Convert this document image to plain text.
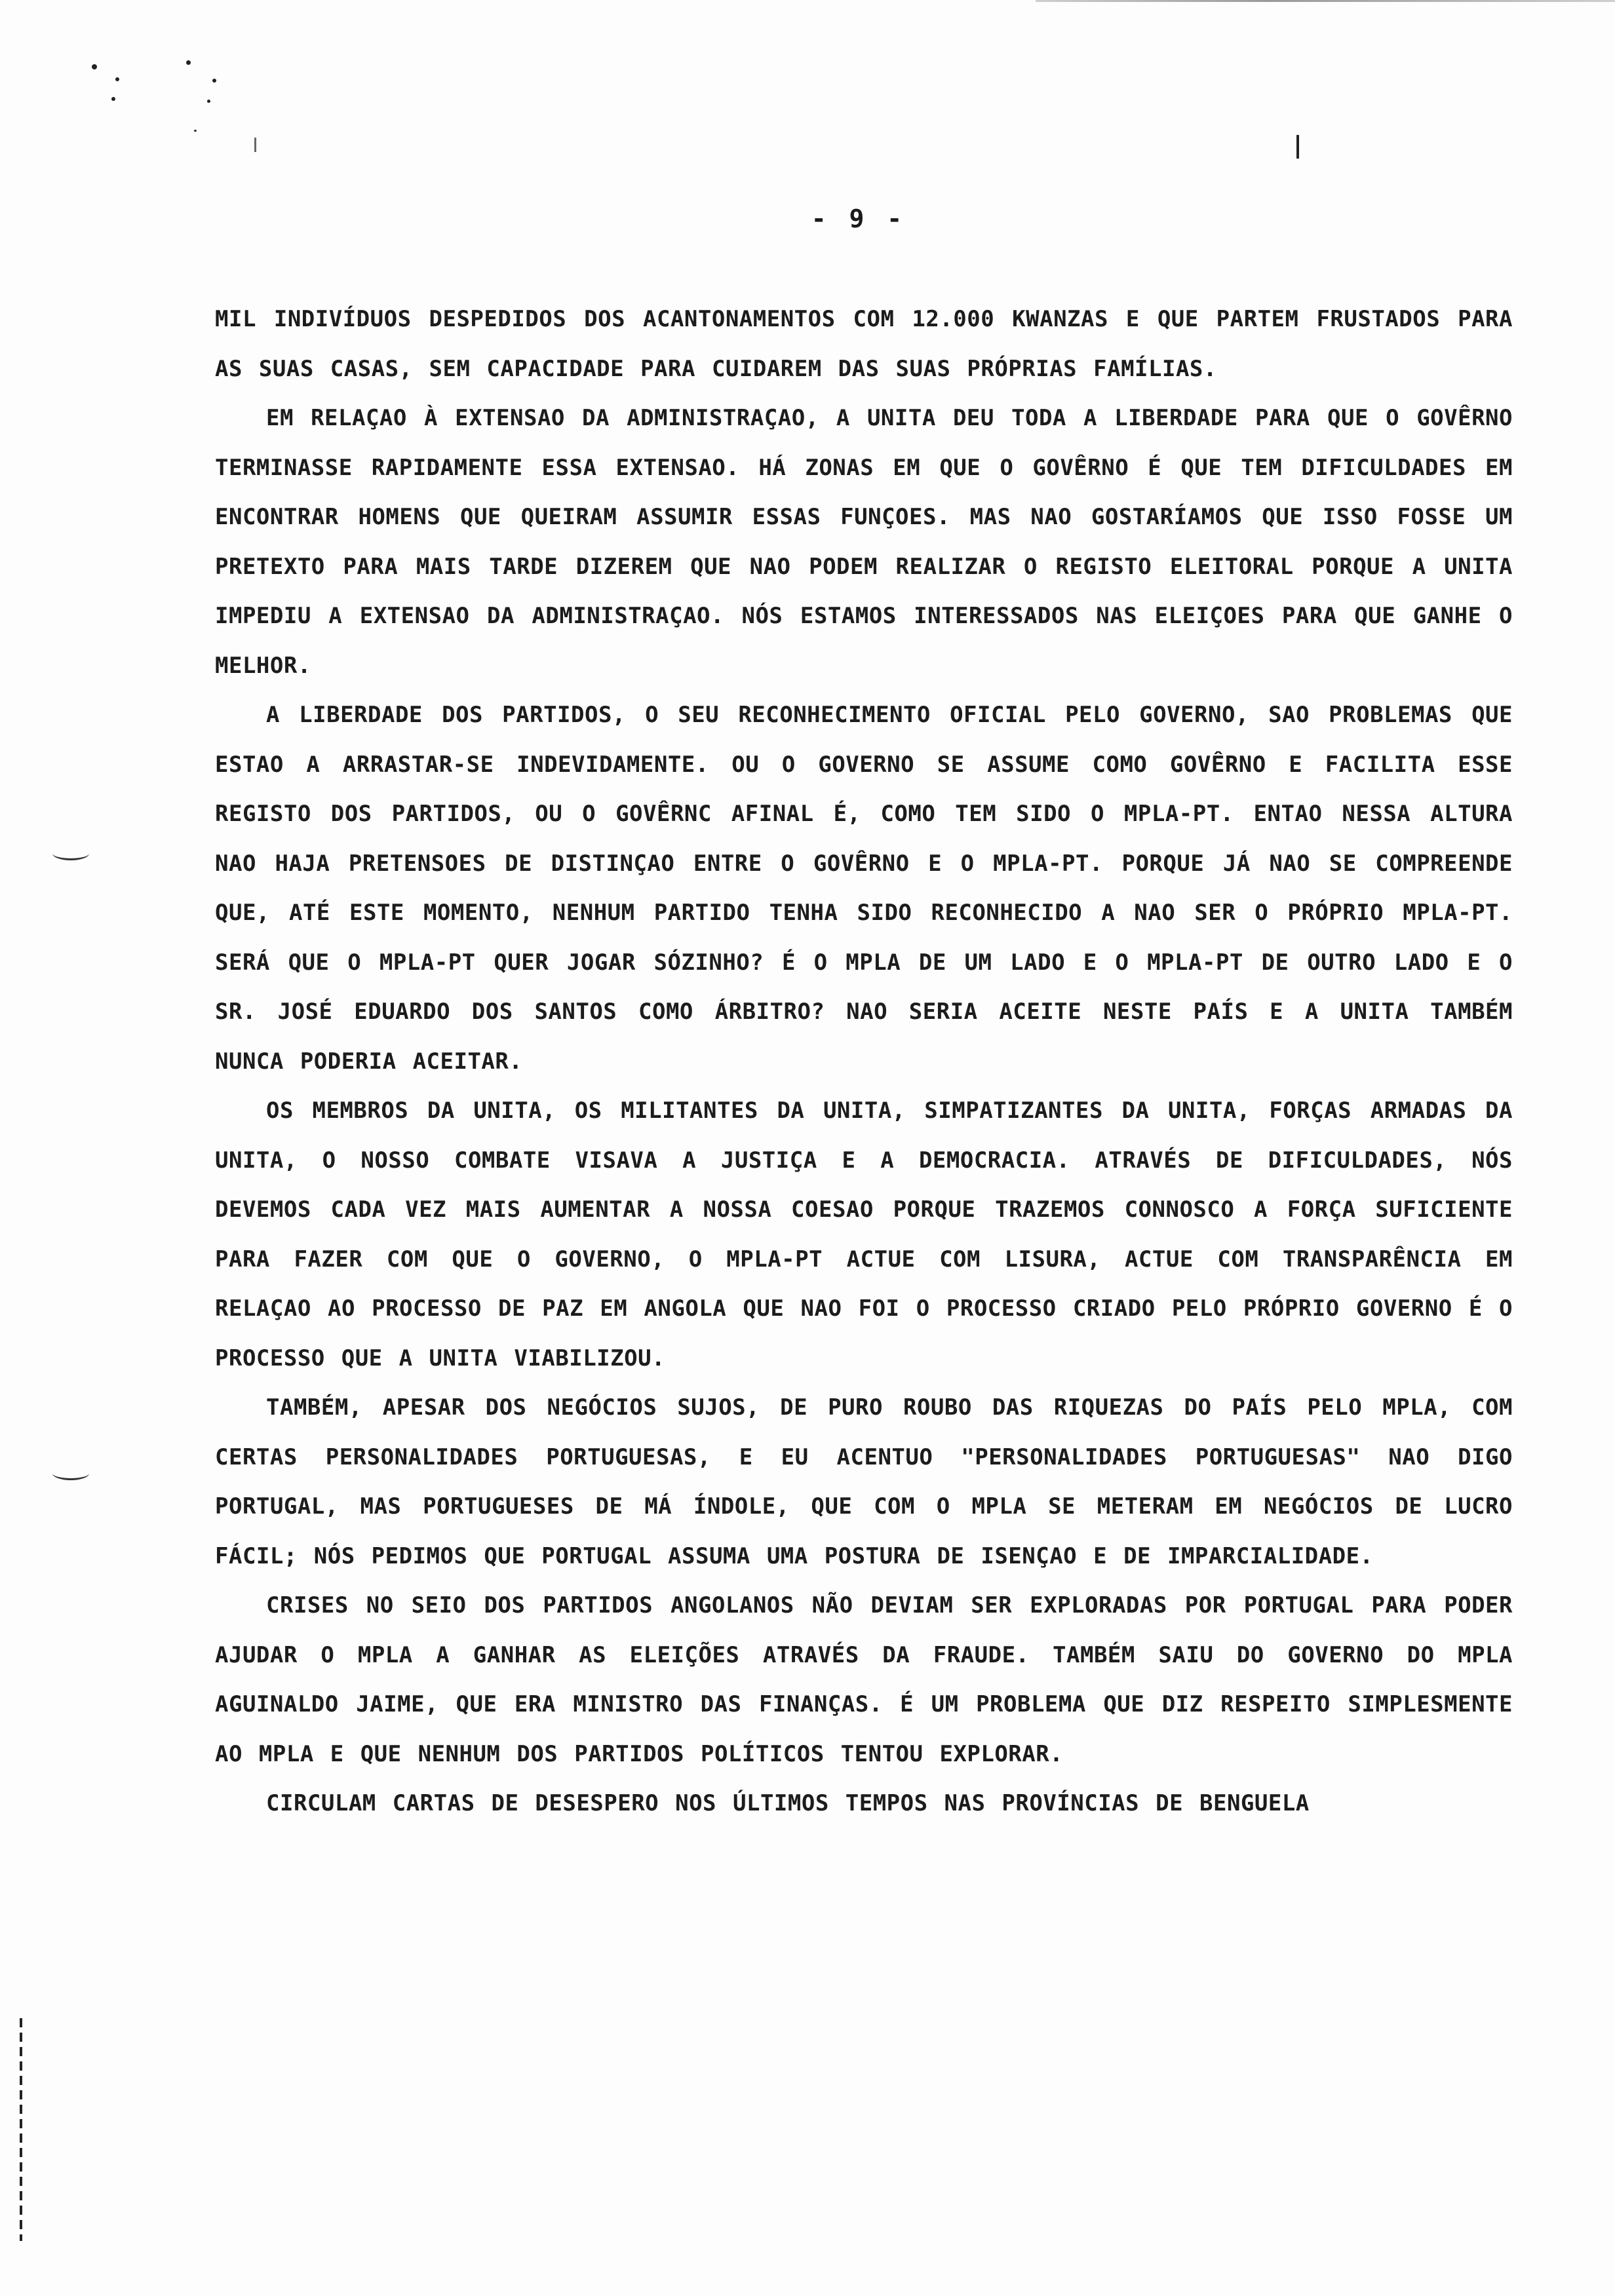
- 9 -

MIL INDIVÍDUOS DESPEDIDOS DOS ACANTONAMENTOS COM 12.000 KWANZAS E QUE PARTEM FRUSTADOS PARA AS SUAS CASAS, SEM CAPACIDADE PARA CUIDAREM DAS SUAS PRÓPRIAS FAMÍLIAS.

EM RELAÇAO À EXTENSAO DA ADMINISTRAÇAO, A UNITA DEU TODA A LIBERDADE PARA QUE O GOVÊRNO TERMINASSE RAPIDAMENTE ESSA EXTENSAO. HÁ ZONAS EM QUE O GOVÊRNO É QUE TEM DIFICULDADES EM ENCONTRAR HOMENS QUE QUEIRAM ASSUMIR ESSAS FUNÇOES. MAS NAO GOSTARÍAMOS QUE ISSO FOSSE UM PRETEXTO PARA MAIS TARDE DIZEREM QUE NAO PODEM REALIZAR O REGISTO ELEITORAL PORQUE A UNITA IMPEDIU A EXTENSAO DA ADMINISTRAÇAO. NÓS ESTAMOS INTERESSADOS NAS ELEIÇOES PARA QUE GANHE O MELHOR.

A LIBERDADE DOS PARTIDOS, O SEU RECONHECIMENTO OFICIAL PELO GOVERNO, SAO PROBLEMAS QUE ESTAO A ARRASTAR-SE INDEVIDAMENTE. OU O GOVERNO SE ASSUME COMO GOVÊRNO E FACILITA ESSE REGISTO DOS PARTIDOS, OU O GOVÊRNC AFINAL É, COMO TEM SIDO O MPLA-PT. ENTAO NESSA ALTURA NAO HAJA PRETENSOES DE DISTINÇAO ENTRE O GOVÊRNO E O MPLA-PT. PORQUE JÁ NAO SE COMPREENDE QUE, ATÉ ESTE MOMENTO, NENHUM PARTIDO TENHA SIDO RECONHECIDO A NAO SER O PRÓPRIO MPLA-PT. SERÁ QUE O MPLA-PT QUER JOGAR SÓZINHO? É O MPLA DE UM LADO E O MPLA-PT DE OUTRO LADO E O SR. JOSÉ EDUARDO DOS SANTOS COMO ÁRBITRO? NAO SERIA ACEITE NESTE PAÍS E A UNITA TAMBÉM NUNCA PODERIA ACEITAR.

OS MEMBROS DA UNITA, OS MILITANTES DA UNITA, SIMPATIZANTES DA UNITA, FORÇAS ARMADAS DA UNITA, O NOSSO COMBATE VISAVA A JUSTIÇA E A DEMOCRACIA. ATRAVÉS DE DIFICULDADES, NÓS DEVEMOS CADA VEZ MAIS AUMENTAR A NOSSA COESAO PORQUE TRAZEMOS CONNOSCO A FORÇA SUFICIENTE PARA FAZER COM QUE O GOVERNO, O MPLA-PT ACTUE COM LISURA, ACTUE COM TRANSPARÊNCIA EM RELAÇAO AO PROCESSO DE PAZ EM ANGOLA QUE NAO FOI O PROCESSO CRIADO PELO PRÓPRIO GOVERNO É O PROCESSO QUE A UNITA VIABILIZOU.

TAMBÉM, APESAR DOS NEGÓCIOS SUJOS, DE PURO ROUBO DAS RIQUEZAS DO PAÍS PELO MPLA, COM CERTAS PERSONALIDADES PORTUGUESAS, E EU ACENTUO "PERSONALIDADES PORTUGUESAS" NAO DIGO PORTUGAL, MAS PORTUGUESES DE MÁ ÍNDOLE, QUE COM O MPLA SE METERAM EM NEGÓCIOS DE LUCRO FÁCIL; NÓS PEDIMOS QUE PORTUGAL ASSUMA UMA POSTURA DE ISENÇAO E DE IMPARCIALIDADE.

CRISES NO SEIO DOS PARTIDOS ANGOLANOS NÃO DEVIAM SER EXPLORADAS POR PORTUGAL PARA PODER AJUDAR O MPLA A GANHAR AS ELEIÇÕES ATRAVÉS DA FRAUDE. TAMBÉM SAIU DO GOVERNO DO MPLA AGUINALDO JAIME, QUE ERA MINISTRO DAS FINANÇAS. É UM PROBLEMA QUE DIZ RESPEITO SIMPLESMENTE AO MPLA E QUE NENHUM DOS PARTIDOS POLÍTICOS TENTOU EXPLORAR.

CIRCULAM CARTAS DE DESESPERO NOS ÚLTIMOS TEMPOS NAS PROVÍNCIAS DE BENGUELA
